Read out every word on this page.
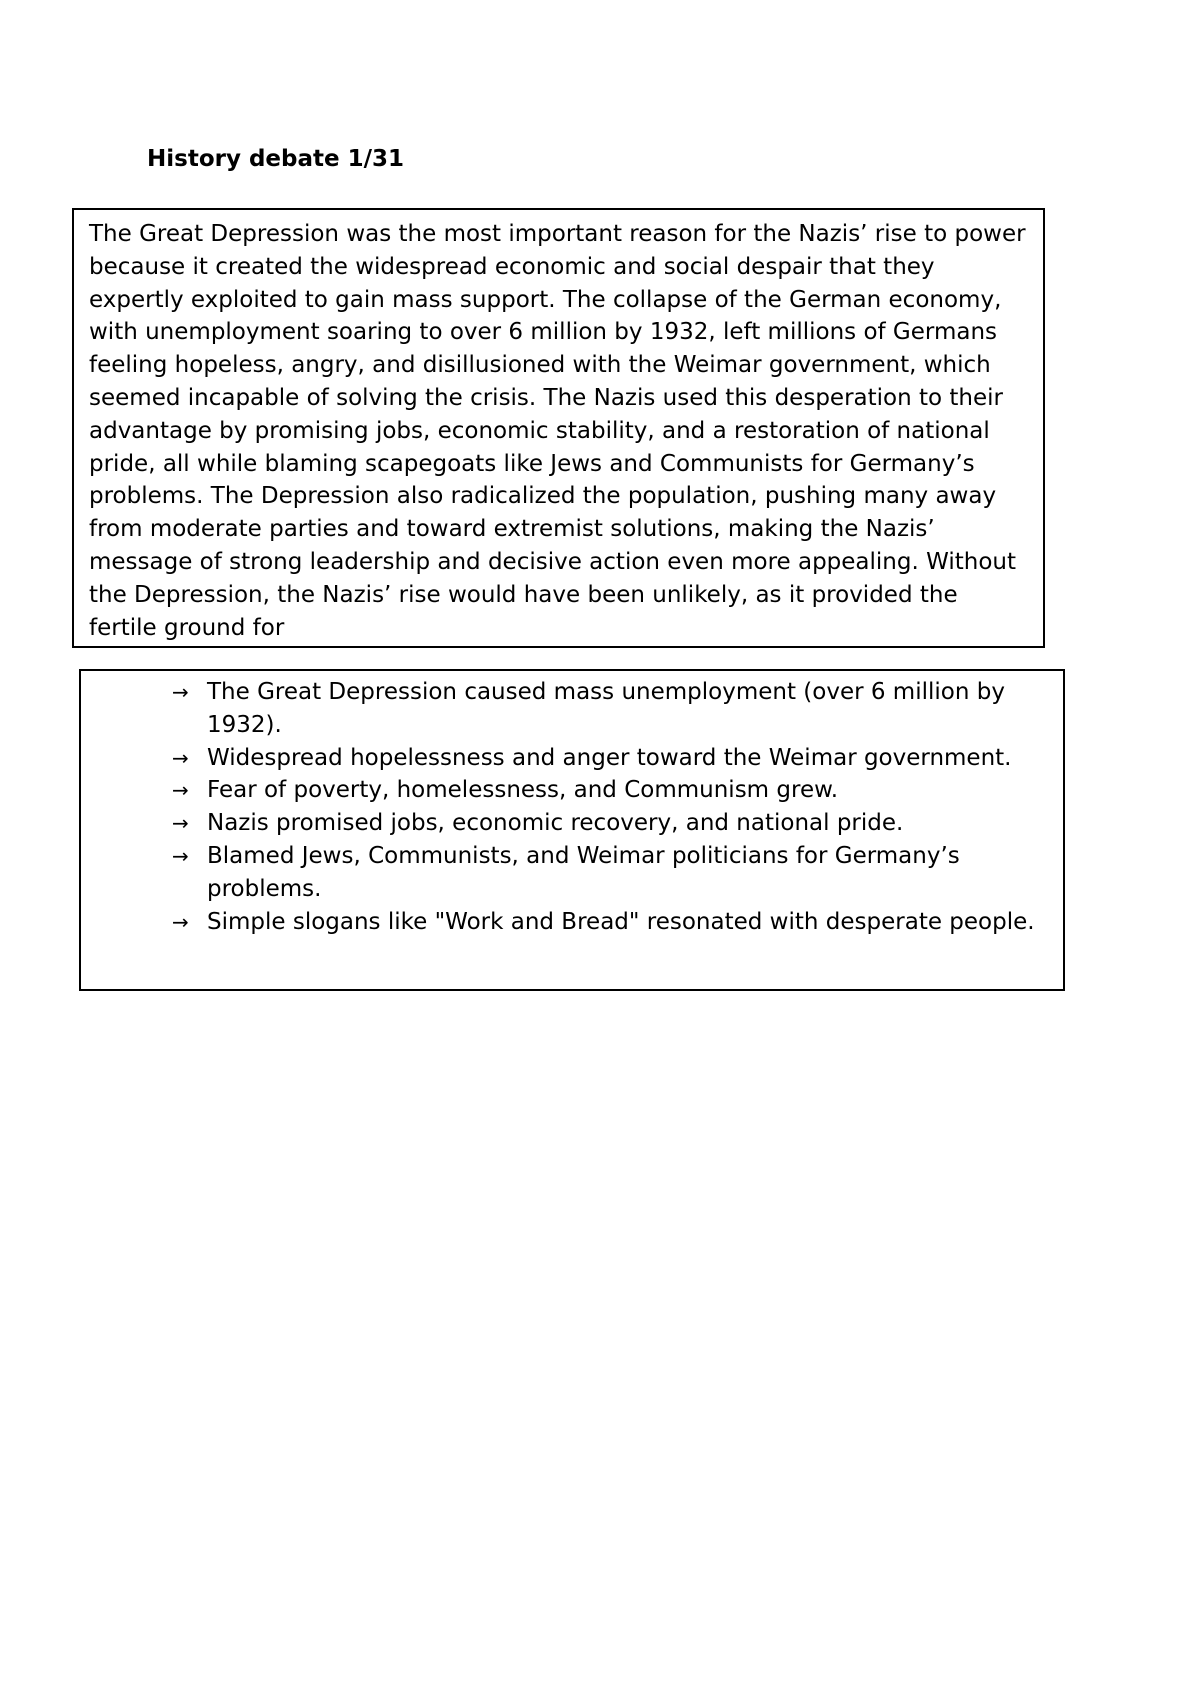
History debate 1/31

The Great Depression was the most important reason for the Nazis’ rise to power because it created the widespread economic and social despair that they expertly exploited to gain mass support. The collapse of the German economy, with unemployment soaring to over 6 million by 1932, left millions of Germans feeling hopeless, angry, and disillusioned with the Weimar government, which seemed incapable of solving the crisis. The Nazis used this desperation to their advantage by promising jobs, economic stability, and a restoration of national pride, all while blaming scapegoats like Jews and Communists for Germany’s problems. The Depression also radicalized the population, pushing many away from moderate parties and toward extremist solutions, making the Nazis’ message of strong leadership and decisive action even more appealing. Without the Depression, the Nazis’ rise would have been unlikely, as it provided the fertile ground for

→ The Great Depression caused mass unemployment (over 6 million by 1932).
→ Widespread hopelessness and anger toward the Weimar government.
→ Fear of poverty, homelessness, and Communism grew.
→ Nazis promised jobs, economic recovery, and national pride.
→ Blamed Jews, Communists, and Weimar politicians for Germany’s problems.
→ Simple slogans like "Work and Bread" resonated with desperate people.
